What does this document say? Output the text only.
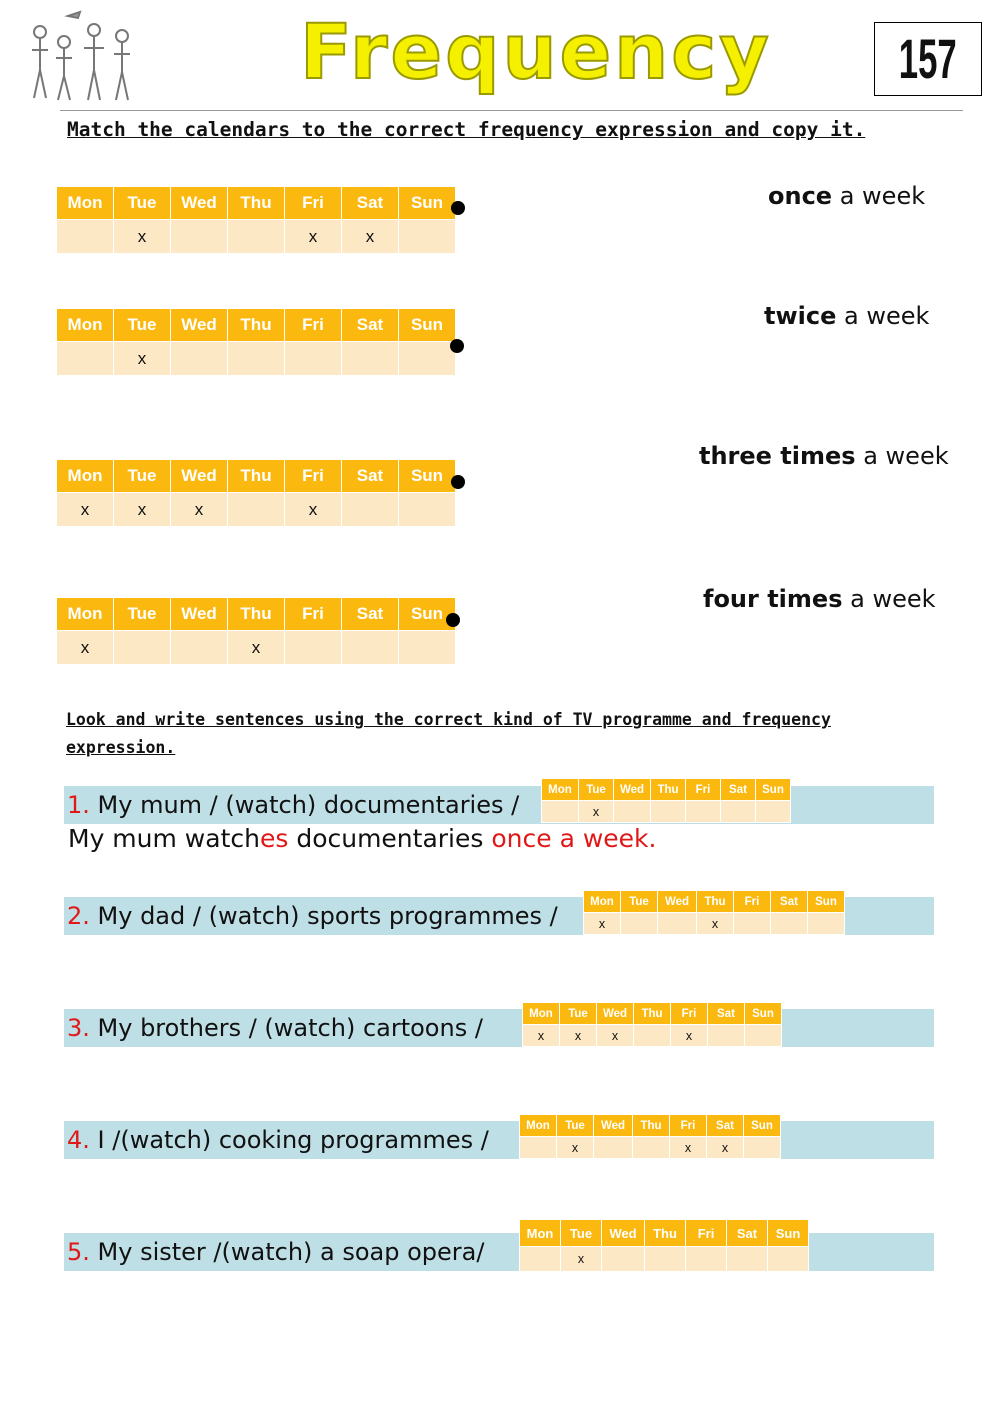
Frequency	157
Match the calendars to the correct frequency expression and copy it.
Mon	Tue	Wed	Thu	Fri	Sat	Sun
	x			x	x	
Mon	Tue	Wed	Thu	Fri	Sat	Sun
	x					
Mon	Tue	Wed	Thu	Fri	Sat	Sun
x	x	x		x		
Mon	Tue	Wed	Thu	Fri	Sat	Sun
x			x			
once a week
twice a week
three times a week
four times a week
Look and write sentences using the correct kind of TV programme and frequency expression.
1. My mum / (watch) documentaries /
Mon	Tue	Wed	Thu	Fri	Sat	Sun
	x					
My mum watches documentaries once a week.
2. My dad / (watch) sports programmes /
Mon	Tue	Wed	Thu	Fri	Sat	Sun
x			x			
3. My brothers / (watch) cartoons /
Mon	Tue	Wed	Thu	Fri	Sat	Sun
x	x	x		x		
4. I /(watch) cooking programmes /
Mon	Tue	Wed	Thu	Fri	Sat	Sun
	x			x	x	
5. My sister /(watch) a soap opera/
Mon	Tue	Wed	Thu	Fri	Sat	Sun
	x					
